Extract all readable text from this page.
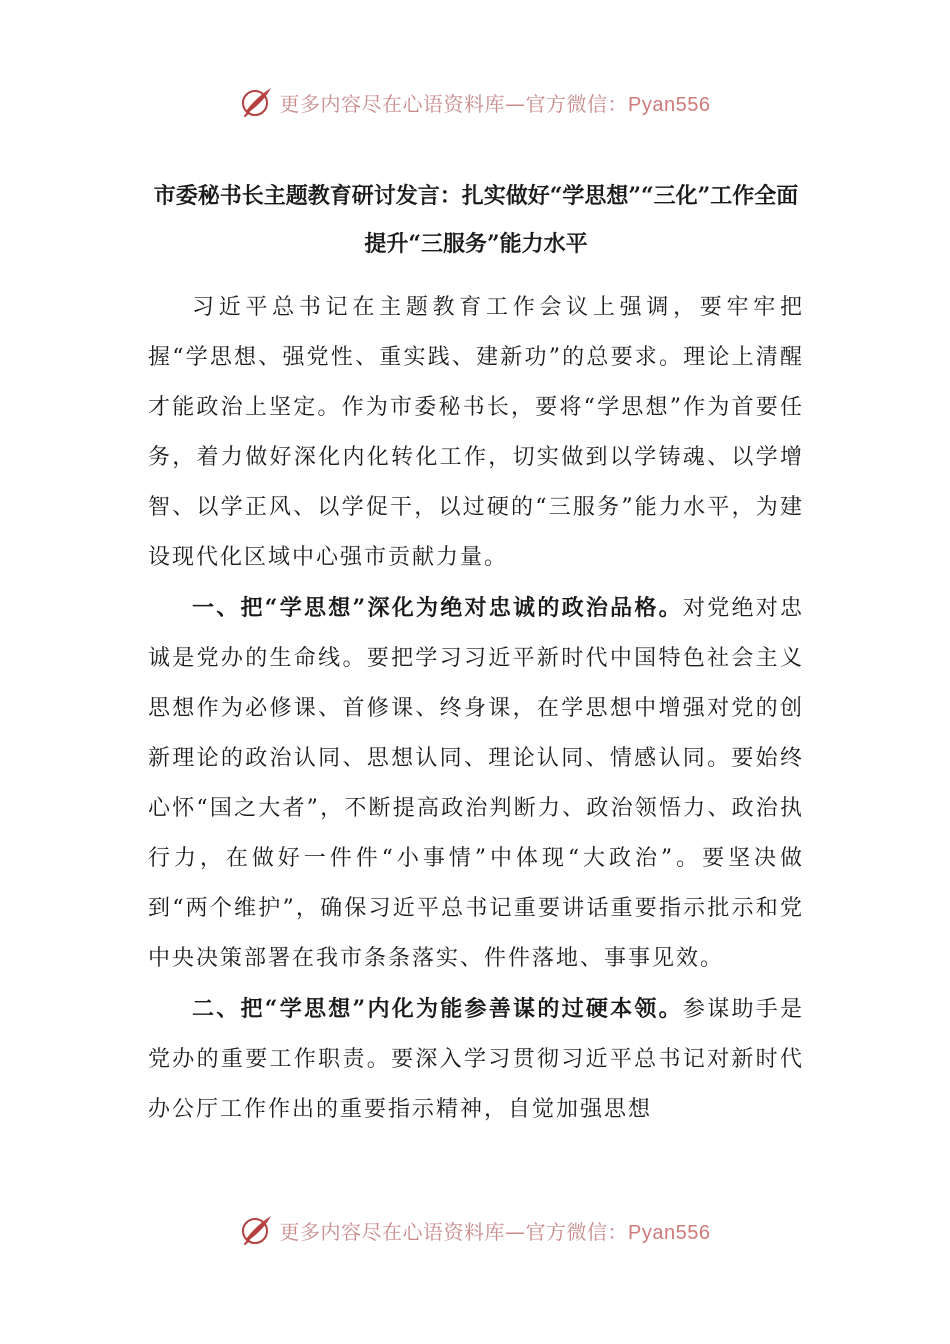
更多内容尽在心语资料库—官方微信：Pyan556
市委秘书长主题教育研讨发言：扎实做好“学思想”“三化”工作全面提升“三服务”能力水平

习近平总书记在主题教育工作会议上强调，要牢牢把握“学思想、强党性、重实践、建新功”的总要求。理论上清醒才能政治上坚定。作为市委秘书长，要将“学思想”作为首要任务，着力做好深化内化转化工作，切实做到以学铸魂、以学增智、以学正风、以学促干，以过硬的“三服务”能力水平，为建设现代化区域中心强市贡献力量。

一、把“学思想”深化为绝对忠诚的政治品格。对党绝对忠诚是党办的生命线。要把学习习近平新时代中国特色社会主义思想作为必修课、首修课、终身课，在学思想中增强对党的创新理论的政治认同、思想认同、理论认同、情感认同。要始终心怀“国之大者”，不断提高政治判断力、政治领悟力、政治执行力，在做好一件件“小事情”中体现“大政治”。要坚决做到“两个维护”，确保习近平总书记重要讲话重要指示批示和党中央决策部署在我市条条落实、件件落地、事事见效。

二、把“学思想”内化为能参善谋的过硬本领。参谋助手是党办的重要工作职责。要深入学习贯彻习近平总书记对新时代办公厅工作作出的重要指示精神，自觉加强思想

更多内容尽在心语资料库—官方微信：Pyan556
